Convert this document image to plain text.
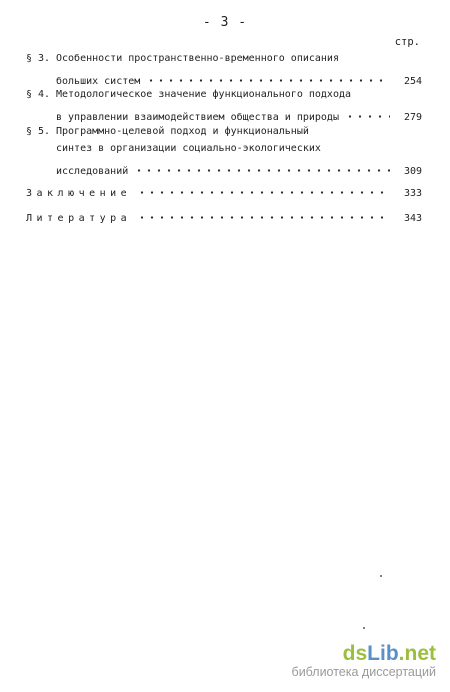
- 3 -
стр.
§ 3. Особенности пространственно-временного описания
больших систем	254
§ 4. Методологическое значение функционального подхода
в управлении взаимодействием общества и природы	279
§ 5. Программно-целевой подход и функциональный
синтез в организации социально-экологических
исследований	309
Заключение	333
Литература	343
dsLib.net
библиотека диссертаций
